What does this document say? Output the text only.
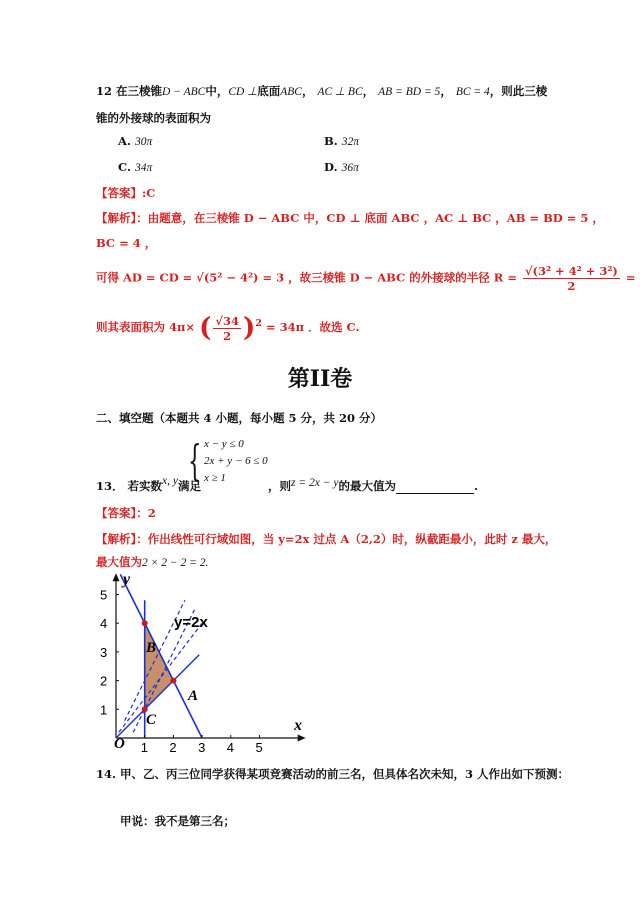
12 在三棱锥D − ABC中，CD ⊥底面ABC， AC ⊥ BC， AB = BD = 5， BC = 4，则此三棱
锥的外接球的表面积为
A. 30π	B. 32π
C. 34π	D. 36π
【答案】:C
【解析】：由题意，在三棱锥 D − ABC 中，CD ⊥ 底面 ABC ，AC ⊥ BC ，AB = BD = 5 ，
BC = 4 ，
可得 AD = CD = √(5² − 4²) = 3 ，故三棱锥 D − ABC 的外接球的半径 $R = \frac{\text{√(3² + 4² + 3²)}}{2}$ =
则其表面积为 4π× ( $\frac{√34}{2} )^2 = 34\pi$ ．故选 C.
第II卷
二、填空题（本题共 4 小题，每小题 5 分，共 20 分）
{ x − y ≤ 0
2x + y − 6 ≤ 0
x ≥ 1
13． 若实数x, y满足	，则z = 2x − y的最大值为	.
【答案】：2
【解析】：作出线性可行域如图，当 y=2x 过点 A（2,2）时，纵截距最小，此时 z 最大，
最大值为2 × 2 − 2 = 2.
1 2 3 4 5
1
2
3
4
5
y
x
O
y=2x
B
A
C
14. 甲、乙、丙三位同学获得某项竞赛活动的前三名，但具体名次未知，3 人作出如下预测：
甲说：我不是第三名；
